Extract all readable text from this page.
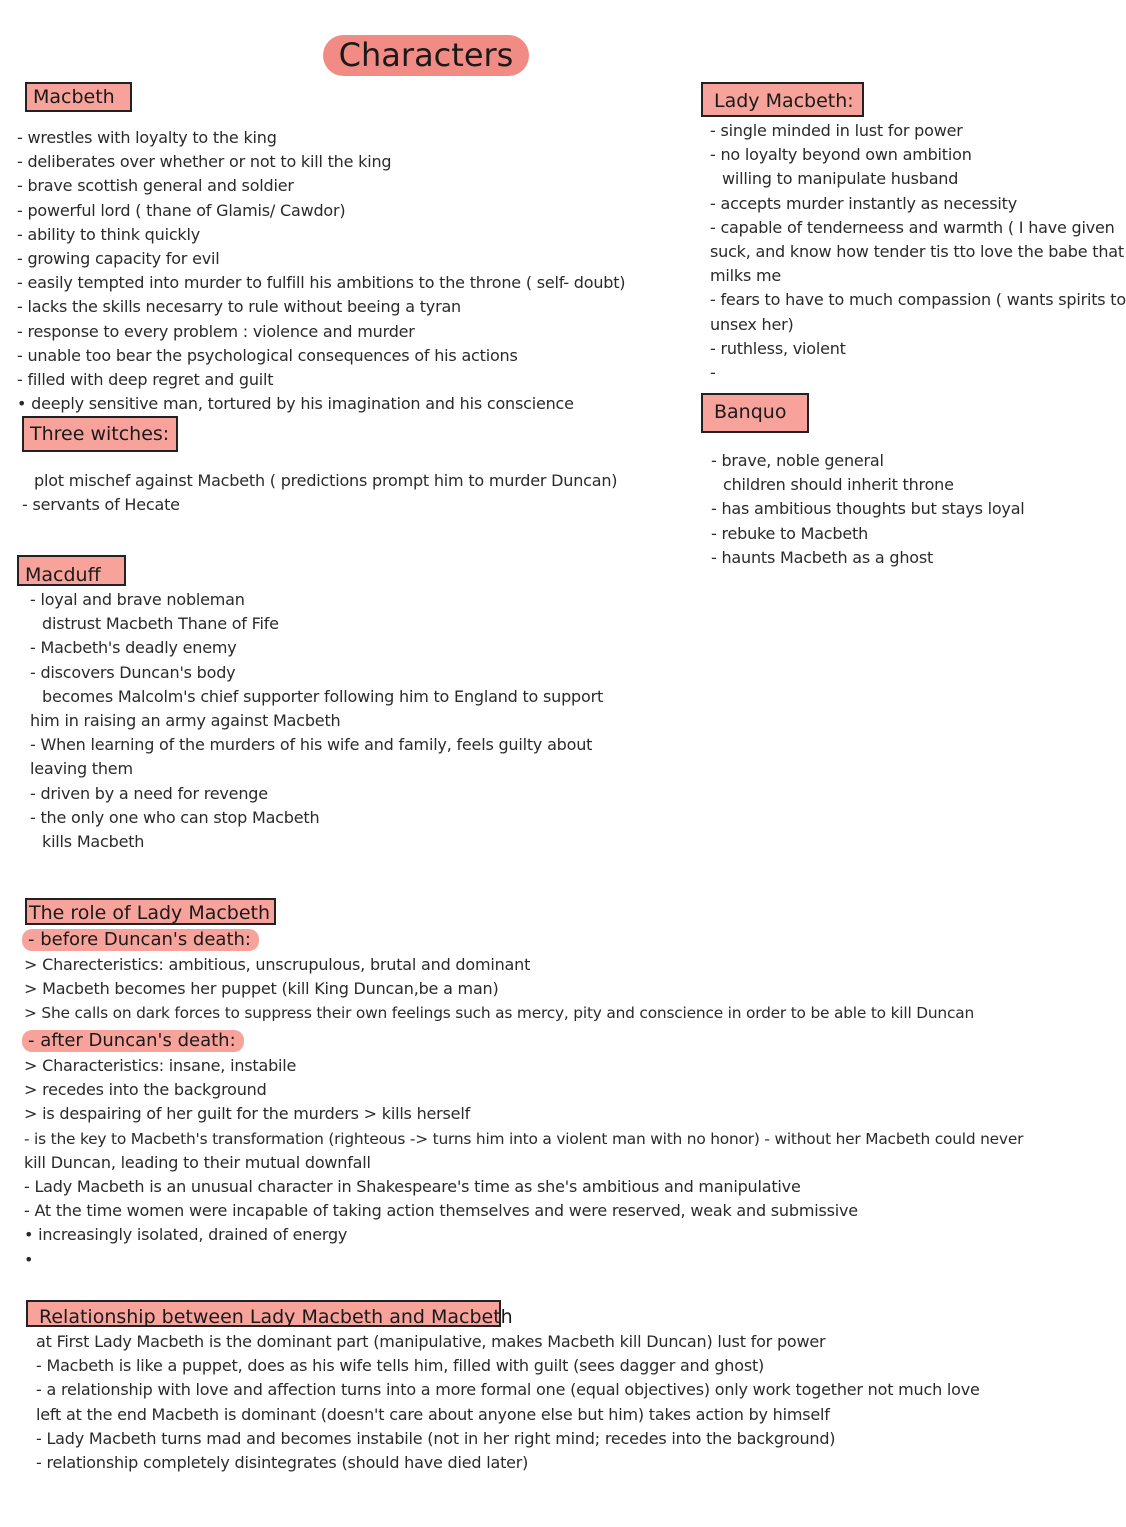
Characters
Macbeth
- wrestles with loyalty to the king
- deliberates over whether or not to kill the king
- brave scottish general and soldier
- powerful lord ( thane of Glamis/ Cawdor)
- ability to think quickly
- growing capacity for evil
- easily tempted into murder to fulfill his ambitions to the throne ( self- doubt)
- lacks the skills necesarry to rule without beeing a tyran
- response to every problem : violence and murder
- unable too bear the psychological consequences of his actions
- filled with deep regret and guilt
• deeply sensitive man, tortured by his imagination and his conscience
Three witches:
plot mischef against Macbeth ( predictions prompt him to murder Duncan)
- servants of Hecate
Macduff
- loyal and brave nobleman
distrust Macbeth Thane of Fife
- Macbeth's deadly enemy
- discovers Duncan's body
becomes Malcolm's chief supporter following him to England to support
him in raising an army against Macbeth
- When learning of the murders of his wife and family, feels guilty about
leaving them
- driven by a need for revenge
- the only one who can stop Macbeth
kills Macbeth
Lady Macbeth:
- single minded in lust for power
- no loyalty beyond own ambition
willing to manipulate husband
- accepts murder instantly as necessity
- capable of tenderneess and warmth ( I have given
suck, and know how tender tis tto love the babe that
milks me
- fears to have to much compassion ( wants spirits to
unsex her)
- ruthless, violent
-
Banquo
- brave, noble general
children should inherit throne
- has ambitious thoughts but stays loyal
- rebuke to Macbeth
- haunts Macbeth as a ghost
The role of Lady Macbeth
- before Duncan's death:
> Charecteristics: ambitious, unscrupulous, brutal and dominant
> Macbeth becomes her puppet (kill King Duncan,be a man)
> She calls on dark forces to suppress their own feelings such as mercy, pity and conscience in order to be able to kill Duncan
- after Duncan's death:
> Characteristics: insane, instabile
> recedes into the background
> is despairing of her guilt for the murders > kills herself
- is the key to Macbeth's transformation (righteous -> turns him into a violent man with no honor) - without her Macbeth could never
kill Duncan, leading to their mutual downfall
- Lady Macbeth is an unusual character in Shakespeare's time as she's ambitious and manipulative
- At the time women were incapable of taking action themselves and were reserved, weak and submissive
• increasingly isolated, drained of energy
•
Relationship between Lady Macbeth and Macbeth
at First Lady Macbeth is the dominant part (manipulative, makes Macbeth kill Duncan) lust for power
- Macbeth is like a puppet, does as his wife tells him, filled with guilt (sees dagger and ghost)
- a relationship with love and affection turns into a more formal one (equal objectives) only work together not much love
left at the end Macbeth is dominant (doesn't care about anyone else but him) takes action by himself
- Lady Macbeth turns mad and becomes instabile (not in her right mind; recedes into the background)
- relationship completely disintegrates (should have died later)
